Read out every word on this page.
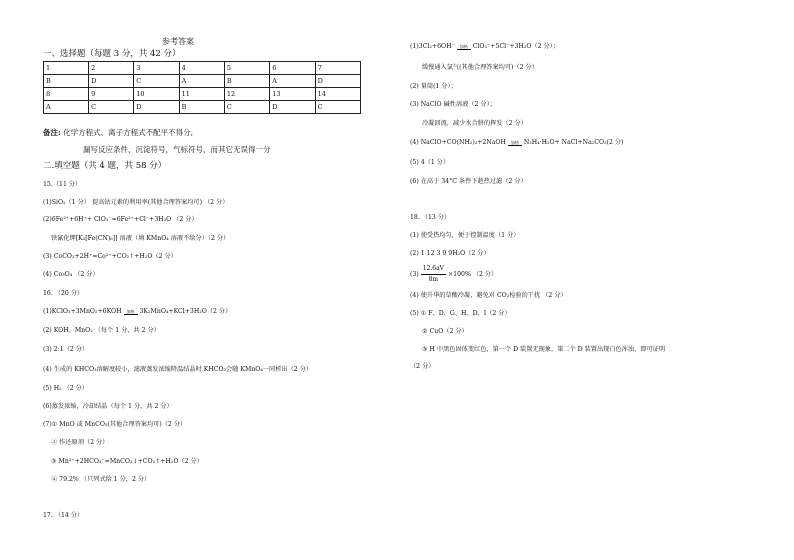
参考答案
一、选择题（每题 3 分，共 42 分）
1	2	3	4	5	6	7
B	D	C	A	B	A	D
8	9	10	11	12	13	14
A	C	D	B	C	D	C
备注: 化学方程式、离子方程式不配平不得分,
漏写反应条件，沉淀符号，气标符号，而其它无误得一分
二.填空题（共 4 题，共 58 分）
15.（11 分）
(1)SiO₂（1 分） 提高钴元素的利用率(其他合理答案均可) （2 分）
(2)6Fe²⁺+6H⁺+ ClO₃⁻=6Fe³⁺+Cl⁻+3H₂O （2 分）
铁氰化钾[K₃[Fe(CN)₆]] 溶液（填 KMnO₄ 溶液不给分）（2 分）
(3) CoCO₃+2H⁺=Co²⁺+CO₂↑+H₂O（2 分）
(4) Co₃O₄ （2 分）
16. （20 分）
(1)KClO₃+3MnO₂+6KOH	加热 3K₂MnO₄+KCl+3H₂O（2 分）
(2) KOH、MnO₂ （每个 1 分，共 2 分）
(3) 2:1（2 分）
(4) 生成的 KHCO₃溶解度较小，滤液蒸发浓缩降温结晶时 KHCO₃会随 KMnO₄一同析出（2 分）
(5) H₂ （2 分）
(6)蒸发浓缩，冷却结晶（每个 1 分，共 2 分）
(7)① MnO 或 MnCO₃(其他合理答案均可)（2 分）
② 作还原剂（2 分）
③ Mn²⁺+2HCO₃⁻=MnCO₃↓+CO₂↑+H₂O（2 分）
④ 79.2% （只列式给 1 分，2 分）
17. （14 分）
(1)3Cl₂+6OH⁻	加热 ClO₃⁻+5Cl⁻+3H₂O（2 分）；
缓慢通入氯气(其他合理答案均可)（2 分）
(2) 量筒(1 分）；
(3) NaClO 碱性溶液（2 分）；
冷凝回流，减少水合肼的挥发（2 分）
(4) NaClO+CO(NH₂)₂+2NaOH	加热 N₂H₄·H₂O+ NaCl+Na₂CO₃(2 分)
(5) 4（1 分）
(6) 在高于 34°C 条件下趁热过滤（2 分）
18. （13 分）
(1) 使受热均匀，便于控制温度（1 分）
(2) 1 12 3 9 9H₂O（2 分）
$(3) \frac{12.6aV}{8m} \times 100\%$ （2 分）
(4) 使升华的草酸冷凝，避免对 CO₂检验的干扰 （2 分）
(5) ① F、D、G、H、D、I（2 分）
② CuO（2 分）
③ H 中黑色固体变红色，第一个 D 装置无现象，第二个 D 装置出现白色浑浊，即可证明
（2 分）
